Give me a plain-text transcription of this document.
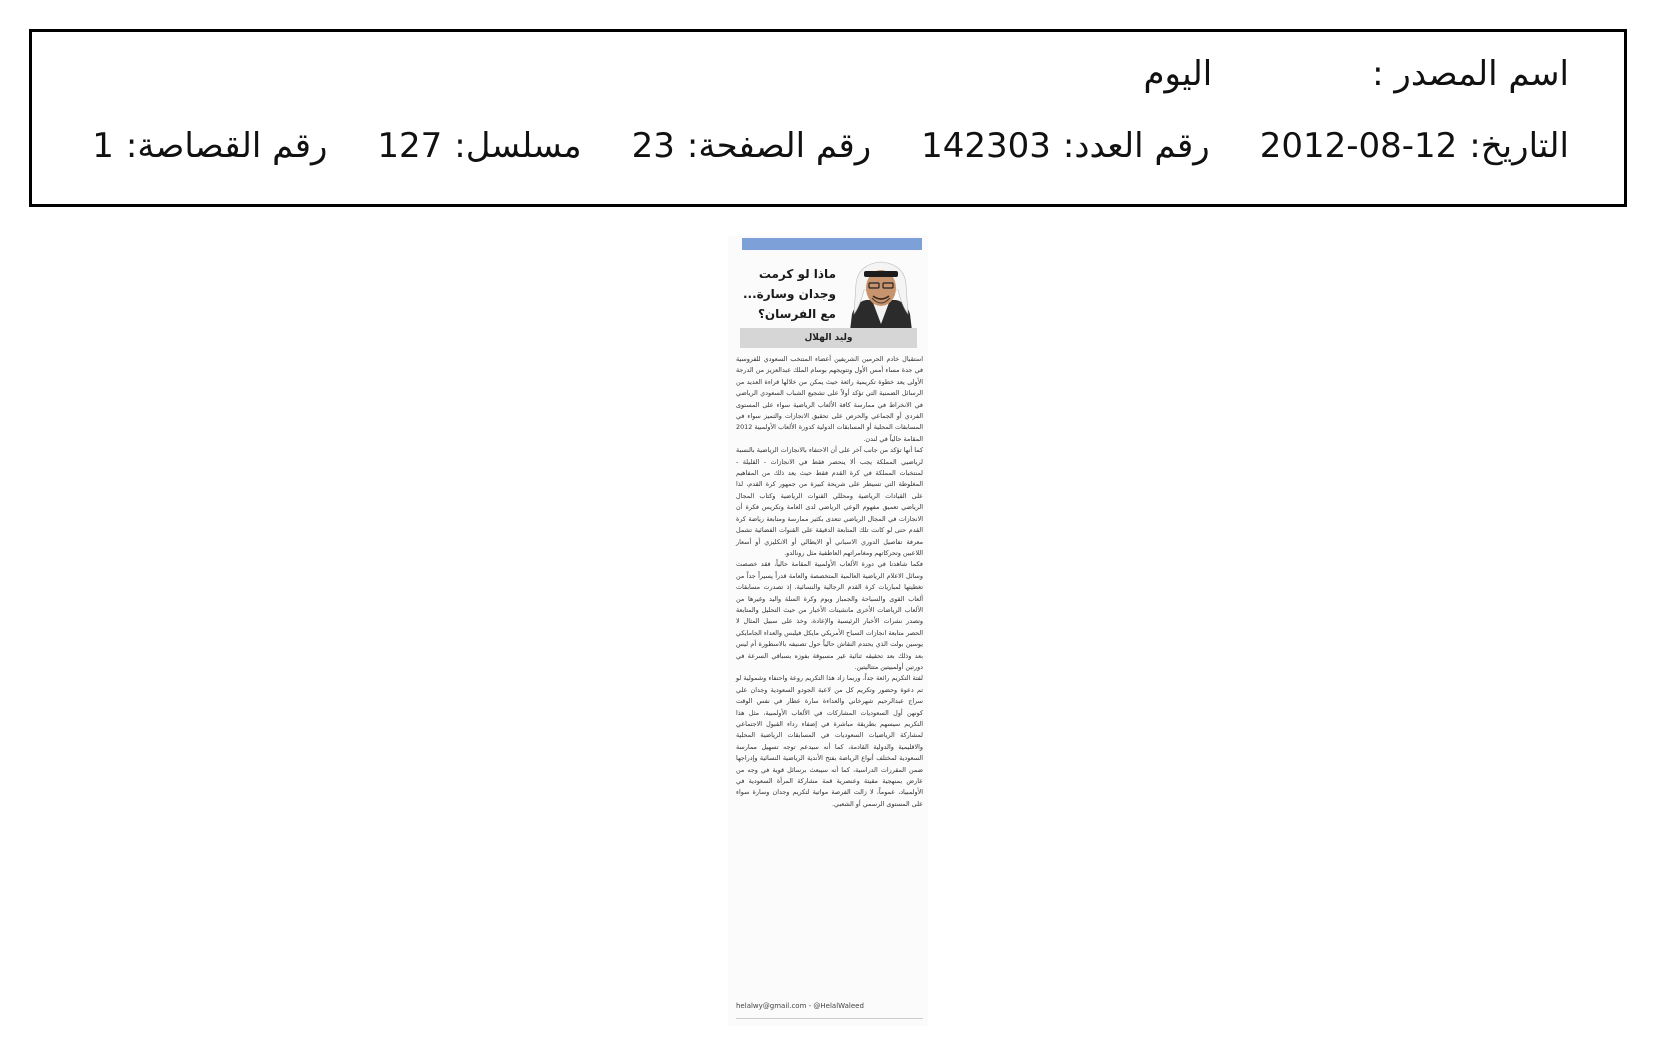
اسم المصدر :اليوم
التاريخ:2012-08-12رقم العدد:142303رقم الصفحة:23مسلسل:127رقم القصاصة:1
ماذا لو كرمت وجدان وسارة... مع الفرسان؟
وليد الهلال

استقبال خادم الحرمين الشريفين أعضاء المنتخب السعودي للفروسية في جدة مساء أمس الأول وتتويجهم بوسام الملك عبدالعزيز من الدرجة الأولى يعد خطوة تكريمية رائعة حيث يمكن من خلالها قراءة العديد من الرسائل الضمنية التي تؤكد أولاً على تشجيع الشباب السعودي الرياضي في الانخراط في ممارسة كافة الألعاب الرياضية سواء على المستوى الفردي أو الجماعي والحرص على تحقيق الانجازات والتميز سواء في المسابقات المحلية أو المسابقات الدولية كدورة الألعاب الأولمبية 2012 المقامة حالياً في لندن.

كما أنها تؤكد من جانب آخر على أن الاحتفاء بالانجازات الرياضية بالنسبة لرياضيي المملكة يجب ألا ينحصر فقط في الانجازات - القليلة - لمنتخبات المملكة في كرة القدم فقط حيث يعد ذلك من المفاهيم المغلوطة التي تسيطر على شريحة كبيرة من جمهور كرة القدم، لذا على القيادات الرياضية ومحللي القنوات الرياضية وكتاب المجال الرياضي تعميق مفهوم الوعي الرياضي لدى العامة وتكريس فكرة أن الانجازات في المجال الرياضي تتعدى بكثير ممارسة ومتابعة رياضة كرة القدم حتى لو كانت تلك المتابعة الدقيقة على القنوات الفضائية تشمل معرفة تفاصيل الدوري الاسباني أو الايطالي أو الانكليزي أو أسعار اللاعبين وتحركاتهم ومغامراتهم العاطفية مثل رونالدو.

فكما شاهدنا في دورة الألعاب الأولمبية المقامة حالياً، فقد خصصت وسائل الاعلام الرياضية العالمية المتخصصة والعامة قدراً يسيراً جداً من تغطيتها لمباريات كرة القدم الرجالية والنسائية، إذ تصدرت مسابقات ألعاب القوى والسباحة والجمباز ويوم وكرة السلة واليد وغيرها من الألعاب الرياضات الأخرى مانشيتات الأخبار من حيث التحليل والمتابعة وتصدر نشرات الأخبار الرئيسية والإعادة، وخذ على سبيل المثال لا الحصر متابعة انجازات السباح الأمريكي مايكل فيلبس والعداء الجامايكي يوسين بولت الذي يحتدم النقاش حالياً حول تصنيفه بالاسطورة أم ليس بعد وذلك بعد تحقيقه ثنائية غير مسبوقة بفوزه بسباقي السرعة في دورتين أولمبيتين متتاليتين.

لفتة التكريم رائعة جداً، وربما زاد هذا التكريم روعة واحتفاء وشمولية لو تم دعوة وحضور وتكريم كل من لاعبة الجودو السعودية وجدان علي سراج عبدالرحيم شهرخاني والعداءة سارة عطار في نفس الوقت كونهن أول السعوديات المشاركات في الألعاب الأولمبية، مثل هذا التكريم سيسهم بطريقة مباشرة في إضفاء رداء القبول الاجتماعي لمشاركة الرياضيات السعوديات في المسابقات الرياضية المحلية والاقليمية والدولية القادمة، كما أنه سيدعم توجه تسهيل ممارسة السعودية لمختلف أنواع الرياضة بفتح الأندية الرياضية النسائية وإدراجها ضمن المقررات الدراسية، كما أنه سيبعث برسائل قوية في وجه من عارض بمنهجية مقيتة وعنصرية قمة مشاركة المرأة السعودية في الأولمبياد، عموماً، لا زالت الفرصة مواتية لتكريم وجدان وسارة سواء على المستوى الرسمي أو الشعبي.

helalwy@gmail.com - @HelalWaleed
